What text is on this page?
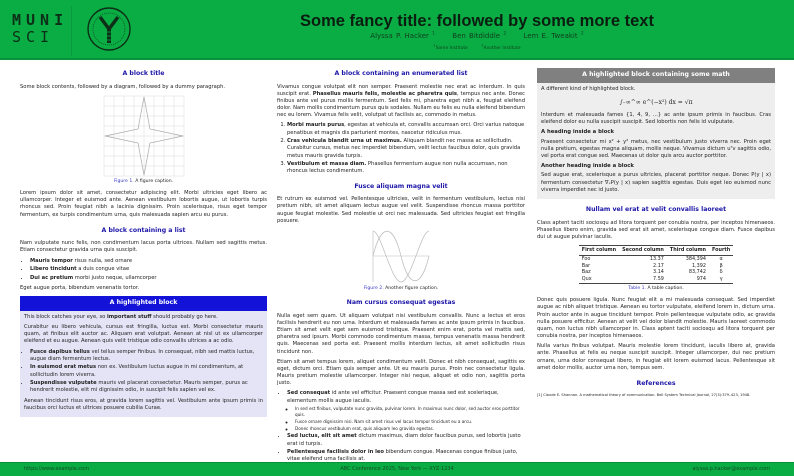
MUNI
SCI
Some fancy title: followed by some more text
Alyssa P. Hacker $^1$ Ben Bitdiddle $^2$ Lem E. Tweakit $^2$
$^1$Some Institute $^2$Another Institute
A block title

Some block contents, followed by a diagram, followed by a dummy paragraph.

Figure 1. A figure caption.

Lorem ipsum dolor sit amet, consectetur adipiscing elit. Morbi ultricies eget libero ac ullamcorper. Integer et euismod ante. Aenean vestibulum lobortis augue, ut lobortis turpis rhoncus sed. Proin feugiat nibh a lacinia dignissim. Proin scelerisque, risus eget tempor fermentum, ex turpis condimentum urna, quis malesuada sapien arcu eu purus.

A block containing a list

Nam vulputate nunc felis, non condimentum lacus porta ultrices. Nullam sed sagittis metus. Etiam consectetur gravida urna quis suscipit.

• Mauris tempor risus nulla, sed ornare
• Libero tincidunt a duis congue vitae
• Dui ac pretium morbi justo neque, ullamcorper

Eget augue porta, bibendum venenatis tortor.

A highlighted block

This block catches your eye, so important stuff should probably go here.

Curabitur eu libero vehicula, cursus est fringilla, luctus est. Morbi consectetur mauris quam, at finibus elit auctor ac. Aliquam erat volutpat. Aenean at nisl ut ex ullamcorper eleifend et eu augue. Aenean quis velit tristique odio convallis ultrices a ac odio.

• Fusce dapibus tellus vel tellus semper finibus. In consequat, nibh sed mattis luctus, augue diam fermentum lectus.
• In euismod erat metus non ex. Vestibulum luctus augue in mi condimentum, at sollicitudin lorem viverra.
• Suspendisse vulputate mauris vel placerat consectetur. Mauris semper, purus ac hendrerit molestie, elit mi dignissim odio, in suscipit felis sapien vel ex.

Aenean tincidunt risus eros, at gravida lorem sagittis vel. Vestibulum ante ipsum primis in faucibus orci luctus et ultrices posuere cubilia Curae.

A block containing an enumerated list

Vivamus congue volutpat elit non semper. Praesent molestie nec erat ac interdum. In quis suscipit erat. Phasellus mauris felis, molestie ac pharetra quis, tempus nec ante. Donec finibus ante vel purus mollis fermentum. Sed felis mi, pharetra eget nibh a, feugiat eleifend dolor. Nam mollis condimentum purus quis sodales. Nullam eu felis eu nulla eleifend bibendum nec eu lorem. Vivamus felis velit, volutpat ut facilisis ac, commodo in metus.

1. Morbi mauris purus, egestas at vehicula et, convallis accumsan orci. Orci varius natoque penatibus et magnis dis parturient montes, nascetur ridiculus mus.
2. Cras vehicula blandit urna ut maximus. Aliquam blandit nec massa ac sollicitudin. Curabitur cursus, metus nec imperdiet bibendum, velit lectus faucibus dolor, quis gravida metus mauris gravida turpis.
3. Vestibulum et massa diam. Phasellus fermentum augue non nulla accumsan, non rhoncus lectus condimentum.
Fusce aliquam magna velit

Et rutrum ex euismod vel. Pellentesque ultricies, velit in fermentum vestibulum, lectus nisi pretium nibh, sit amet aliquam lectus augue vel velit. Suspendisse rhoncus massa porttitor augue feugiat molestie. Sed molestie ut orci nec malesuada. Sed ultricies feugiat est fringilla posuere.

Figure 2. Another figure caption.
Nam cursus consequat egestas

Nulla eget sem quam. Ut aliquam volutpat nisi vestibulum convallis. Nunc a lectus et eros facilisis hendrerit eu non urna. Interdum et malesuada fames ac ante ipsum primis in faucibus. Etiam sit amet velit eget sem euismod tristique. Praesent enim erat, porta vel mattis sed, pharetra sed ipsum. Morbi commodo condimentum massa, tempus venenatis massa hendrerit quis. Maecenas sed porta est. Praesent mollis interdum lectus, sit amet sollicitudin risus tincidunt non.

Etiam sit amet tempus lorem, aliquet condimentum velit. Donec et nibh consequat, sagittis ex eget, dictum orci. Etiam quis semper ante. Ut eu mauris purus. Proin nec consectetur ligula. Mauris pretium molestie ullamcorper. Integer nisi neque, aliquet et odio non, sagittis porta justo.

• Sed consequat id ante vel efficitur. Praesent congue massa sed est scelerisque, elementum mollis augue iaculis.
◦ In sed est finibus, vulputate nunc gravida, pulvinar lorem. In maximus nunc dolor, sed auctor eros porttitor quis.
◦ Fusce ornare dignissim nisi. Nam sit amet risus vel lacus tempor tincidunt eu a arcu.
◦ Donec rhoncus vestibulum erat, quis aliquam leo gravida egestas.
• Sed luctus, elit sit amet dictum maximus, diam dolor faucibus purus, sed lobortis justo erat id turpis.
• Pellentesque facilisis dolor in leo bibendum congue. Maecenas congue finibus justo, vitae eleifend urna facilisis at.
A highlighted block containing some math

A different kind of highlighted block.

∫₋∞^∞ e^(−x²) dx = √π

Interdum et malesuada fames {1, 4, 9, ...} ac ante ipsum primis in faucibus. Cras eleifend dolor eu nulla suscipit suscipit. Sed lobortis non felis id vulputate.

A heading inside a block

Praesent consectetur mi x² + y² metus, nec vestibulum justo viverra nec. Proin eget nulla pretium, egestas magna aliquam, mollis neque. Vivamus dictum uᵀv sagittis odio, vel porta erat congue sed. Maecenas ut dolor quis arcu auctor porttitor.

Another heading inside a block

Sed augue erat, scelerisque a purus ultricies, placerat porttitor neque. Donec P(y | x) fermentum consectetur ∇ₓP(y | x) sapien sagittis egestas. Duis eget leo euismod nunc viverra imperdiet nec id justo.

Nullam vel erat at velit convallis laoreet

Class aptent taciti sociosqu ad litora torquent per conubia nostra, per inceptos himenaeos. Phasellus libero enim, gravida sed erat sit amet, scelerisque congue diam. Fusce dapibus dui ut augue pulvinar iaculis.

First column	Second column	Third column	Fourth
Foo	13.37	384,394	α
Bar	2.17	1,392	β
Baz	3.14	83,742	δ
Qux	7.59	974	γ
Table 1. A table caption.

Donec quis posuere ligula. Nunc feugiat elit a mi malesuada consequat. Sed imperdiet augue ac nibh aliquet tristique. Aenean eu tortor vulputate, eleifend lorem in, dictum urna. Proin auctor ante in augue tincidunt tempor. Proin pellentesque vulputate odio, ac gravida nulla posuere efficitur. Aenean at velit vel dolor blandit molestie. Mauris laoreet commodo quam, non luctus nibh ullamcorper in. Class aptent taciti sociosqu ad litora torquent per conubia nostra, per inceptos himenaeos.

Nulla varius finibus volutpat. Mauris molestie lorem tincidunt, iaculis libero at, gravida ante. Phasellus at felis eu neque suscipit suscipit. Integer ullamcorper, dui nec pretium ornare, urna dolor consequat libero, in feugiat elit lorem euismod lacus. Pellentesque sit amet dolor mollis, auctor urna non, tempus sem.

References
[1] Claude E. Shannon. A mathematical theory of communication. Bell System Technical Journal, 27(3):379–423, 1948.
https://www.example.com	ABC Conference 2025, New York — XYZ-1234	alyssa.p.hacker@example.com
